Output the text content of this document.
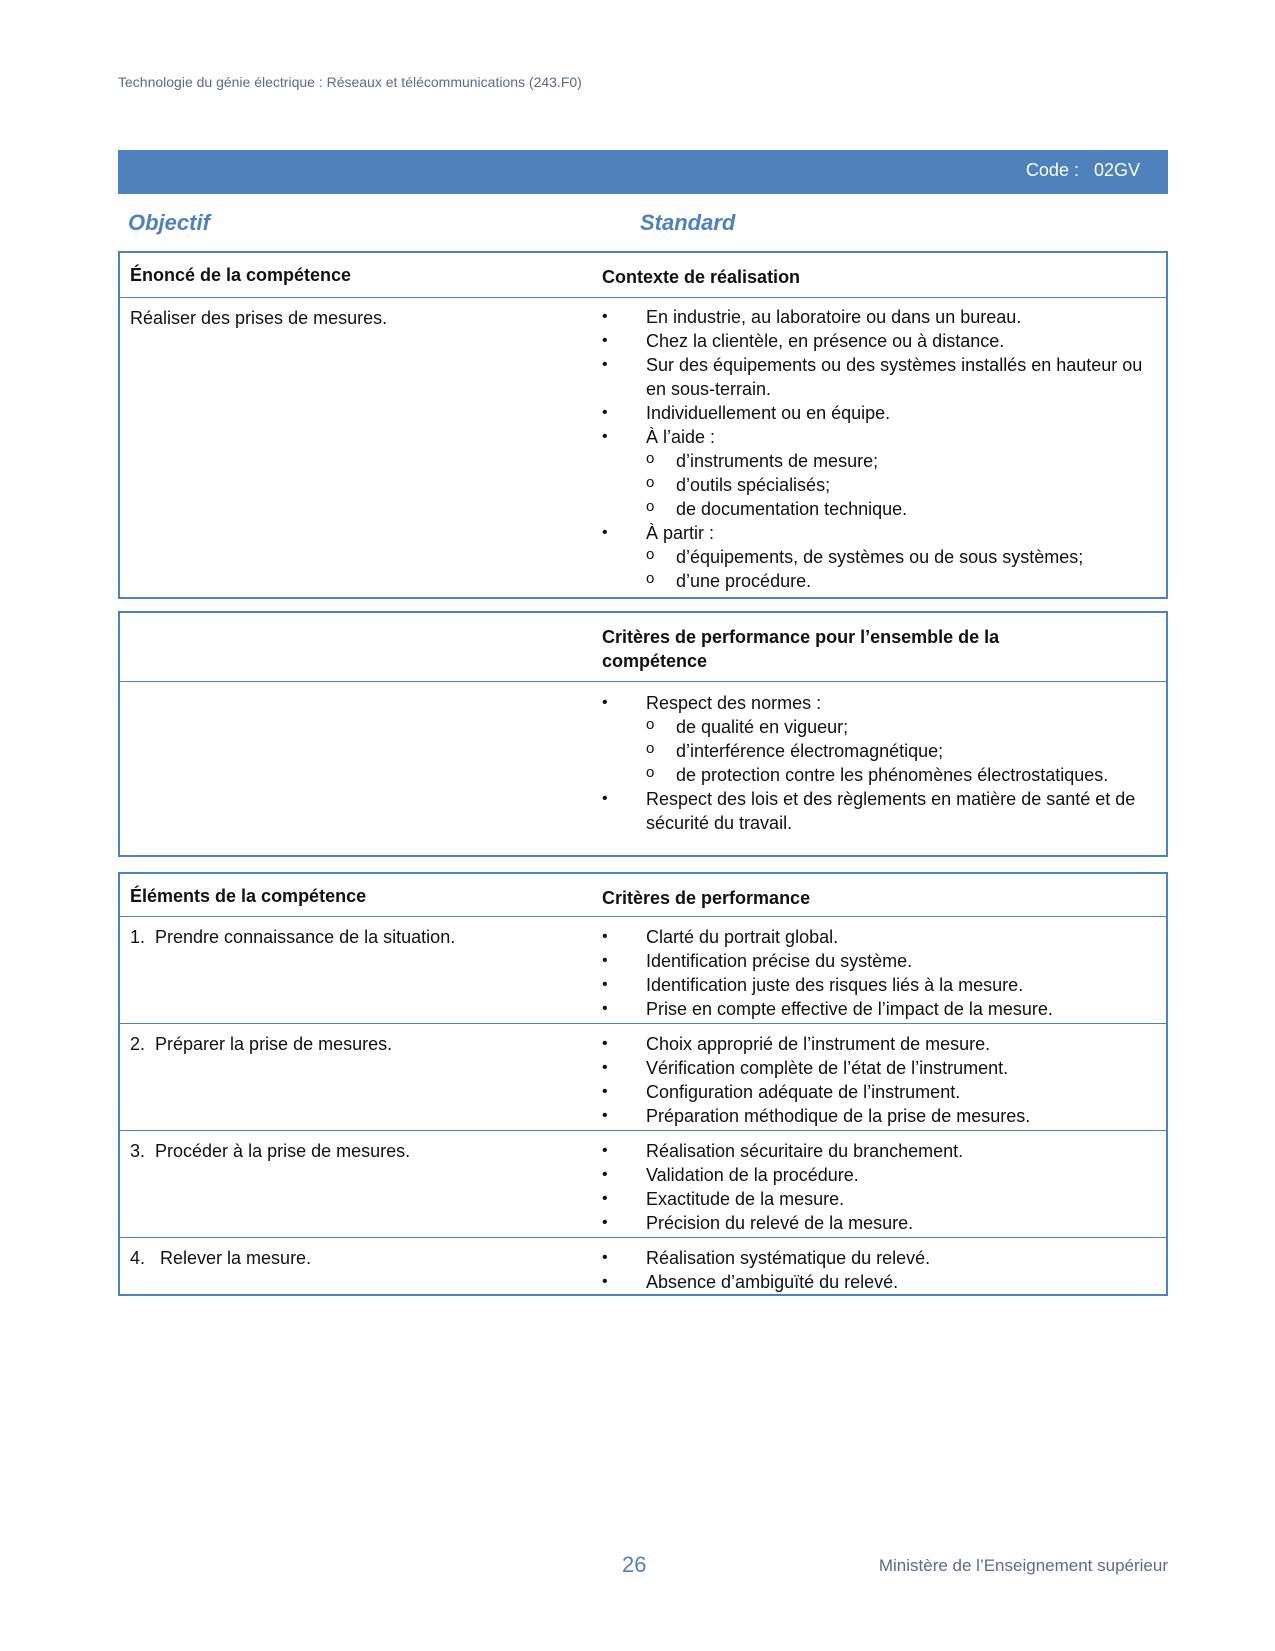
Technologie du génie électrique : Réseaux et télécommunications (243.F0)
Code :   02GV
Objectif	Standard
Énoncé de la compétence	Contexte de réalisation
Réaliser des prises de mesures.	• En industrie, au laboratoire ou dans un bureau.
• Chez la clientèle, en présence ou à distance.
• Sur des équipements ou des systèmes installés en hauteur ou en sous-terrain.
• Individuellement ou en équipe.
• À l’aide :
o d’instruments de mesure;
o d’outils spécialisés;
o de documentation technique.
• À partir :
o d’équipements, de systèmes ou de sous systèmes;
o d’une procédure.
Critères de performance pour l’ensemble de la compétence
• Respect des normes :
o de qualité en vigueur;
o d’interférence électromagnétique;
o de protection contre les phénomènes électrostatiques.
• Respect des lois et des règlements en matière de santé et de sécurité du travail.
Éléments de la compétence	Critères de performance
1.  Prendre connaissance de la situation.	• Clarté du portrait global.
• Identification précise du système.
• Identification juste des risques liés à la mesure.
• Prise en compte effective de l’impact de la mesure.
2.  Préparer la prise de mesures.	• Choix approprié de l’instrument de mesure.
• Vérification complète de l’état de l’instrument.
• Configuration adéquate de l’instrument.
• Préparation méthodique de la prise de mesures.
3.  Procéder à la prise de mesures.	• Réalisation sécuritaire du branchement.
• Validation de la procédure.
• Exactitude de la mesure.
• Précision du relevé de la mesure.
4.   Relever la mesure.	• Réalisation systématique du relevé.
• Absence d’ambiguïté du relevé.
26	Ministère de l’Enseignement supérieur
